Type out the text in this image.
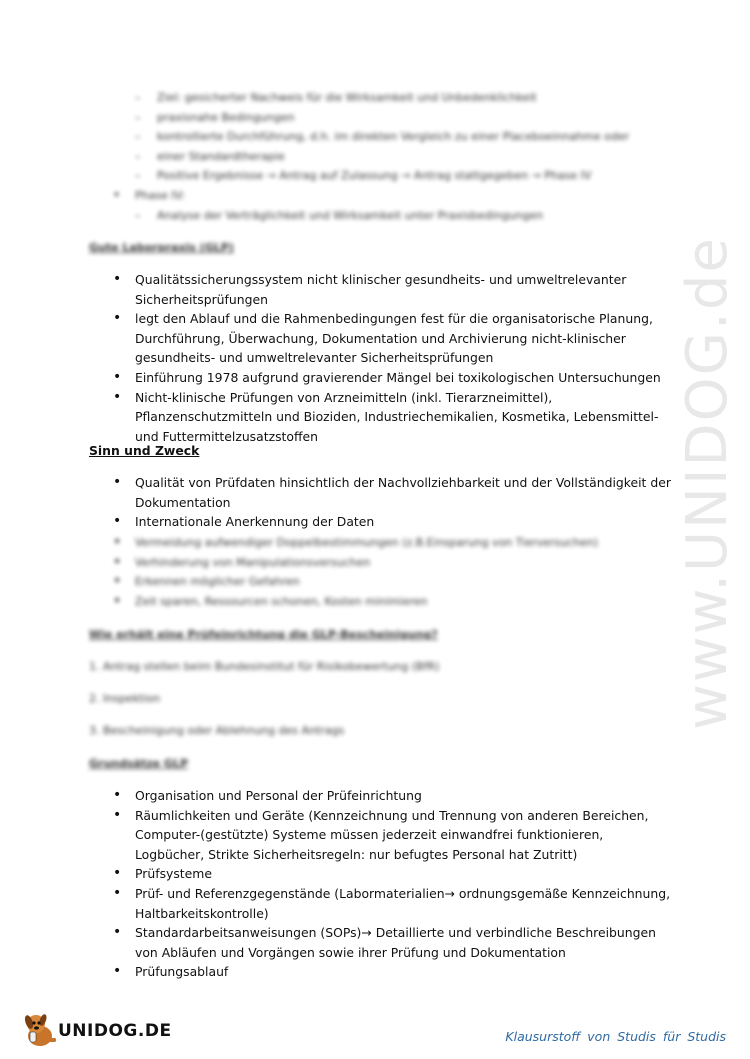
– Ziel: gesicherter Nachweis für die Wirksamkeit und Unbedenklichkeit
– praxisnahe Bedingungen
– kontrollierte Durchführung, d.h. im direkten Vergleich zu einer Placeboeinnahme oder
– einer Standardtherapie
– Positive Ergebnisse → Antrag auf Zulassung → Antrag stattgegeben → Phase IV
• Phase IV:
– Analyse der Verträglichkeit und Wirksamkeit unter Praxisbedingungen
Gute Laborpraxis (GLP)
• Qualitätssicherungssystem nicht klinischer gesundheits- und umweltrelevanter Sicherheitsprüfungen
• legt den Ablauf und die Rahmenbedingungen fest für die organisatorische Planung, Durchführung, Überwachung, Dokumentation und Archivierung nicht-klinischer gesundheits- und umweltrelevanter Sicherheitsprüfungen
• Einführung 1978 aufgrund gravierender Mängel bei toxikologischen Untersuchungen
• Nicht-klinische Prüfungen von Arzneimitteln (inkl. Tierarzneimittel), Pflanzenschutzmitteln und Bioziden, Industriechemikalien, Kosmetika, Lebensmittel- und Futtermittelzusatzstoffen
Sinn und Zweck
• Qualität von Prüfdaten hinsichtlich der Nachvollziehbarkeit und der Vollständigkeit der Dokumentation
• Internationale Anerkennung der Daten
• Vermeidung aufwendiger Doppelbestimmungen (z.B.Einsparung von Tierversuchen)
• Verhinderung von Manipulationsversuchen
• Erkennen möglicher Gefahren
• Zeit sparen, Ressourcen schonen, Kosten minimieren
Wie erhält eine Prüfeinrichtung die GLP-Bescheinigung?
1. Antrag stellen beim Bundesinstitut für Risikobewertung (BfR)
2. Inspektion
3. Bescheinigung oder Ablehnung des Antrags
Grundsätze GLP
• Organisation und Personal der Prüfeinrichtung
• Räumlichkeiten und Geräte (Kennzeichnung und Trennung von anderen Bereichen, Computer-(gestützte) Systeme müssen jederzeit einwandfrei funktionieren, Logbücher, Strikte Sicherheitsregeln: nur befugtes Personal hat Zutritt)
• Prüfsysteme
• Prüf- und Referenzgegenstände (Labormaterialien→ ordnungsgemäße Kennzeichnung, Haltbarkeitskontrolle)
• Standardarbeitsanweisungen (SOPs)→ Detaillierte und verbindliche Beschreibungen von Abläufen und Vorgängen sowie ihrer Prüfung und Dokumentation
• Prüfungsablauf
www.UNIDOG.de
UNIDOG.DE	Klausurstoff von Studis für Studis
